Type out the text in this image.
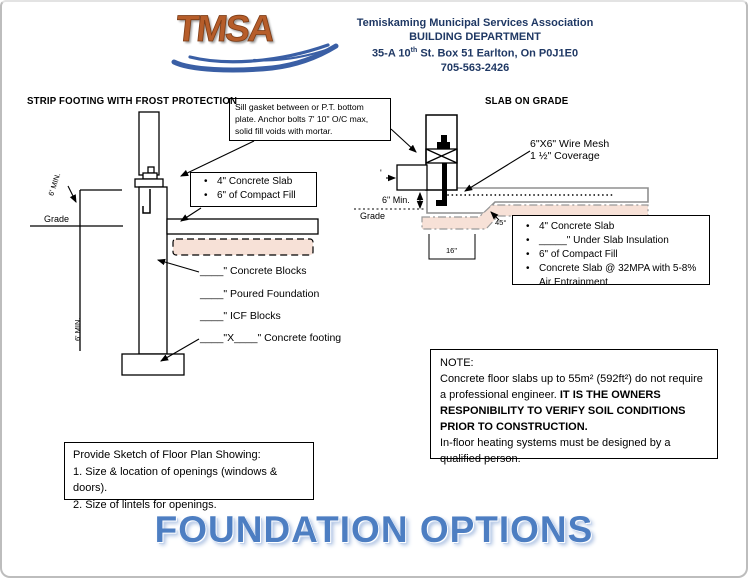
TMSA	Temiskaming Municipal Services Association
BUILDING DEPARTMENT
35-A 10th St. Box 51 Earlton, On P0J1E0
705-563-2426
STRIP FOOTING WITH FROST PROTECTION
Sill gasket between or P.T. bottom plate. Anchor bolts 7' 10" O/C max, solid fill voids with mortar.
• 4" Concrete Slab
• 6" of Compact Fill
6' MIN.
Grade
6' MIN.
____" Concrete Blocks
____" Poured Foundation
____" ICF Blocks
____"X____" Concrete footing
SLAB ON GRADE
6"X6" Wire Mesh
1 ½" Coverage
'
6" Min.
Grade
45°
16"
• 4" Concrete Slab
• _____" Under Slab Insulation
• 6" of Compact Fill
• Concrete Slab @ 32MPA with 5-8% Air Entrainment
NOTE:
Concrete floor slabs up to 55m² (592ft²) do not require a professional engineer. IT IS THE OWNERS RESPONIBILITY TO VERIFY SOIL CONDITIONS PRIOR TO CONSTRUCTION.
In-floor heating systems must be designed by a qualified person.
Provide Sketch of Floor Plan Showing:
1. Size & location of openings (windows & doors).
2. Size of lintels for openings.
FOUNDATION OPTIONS
